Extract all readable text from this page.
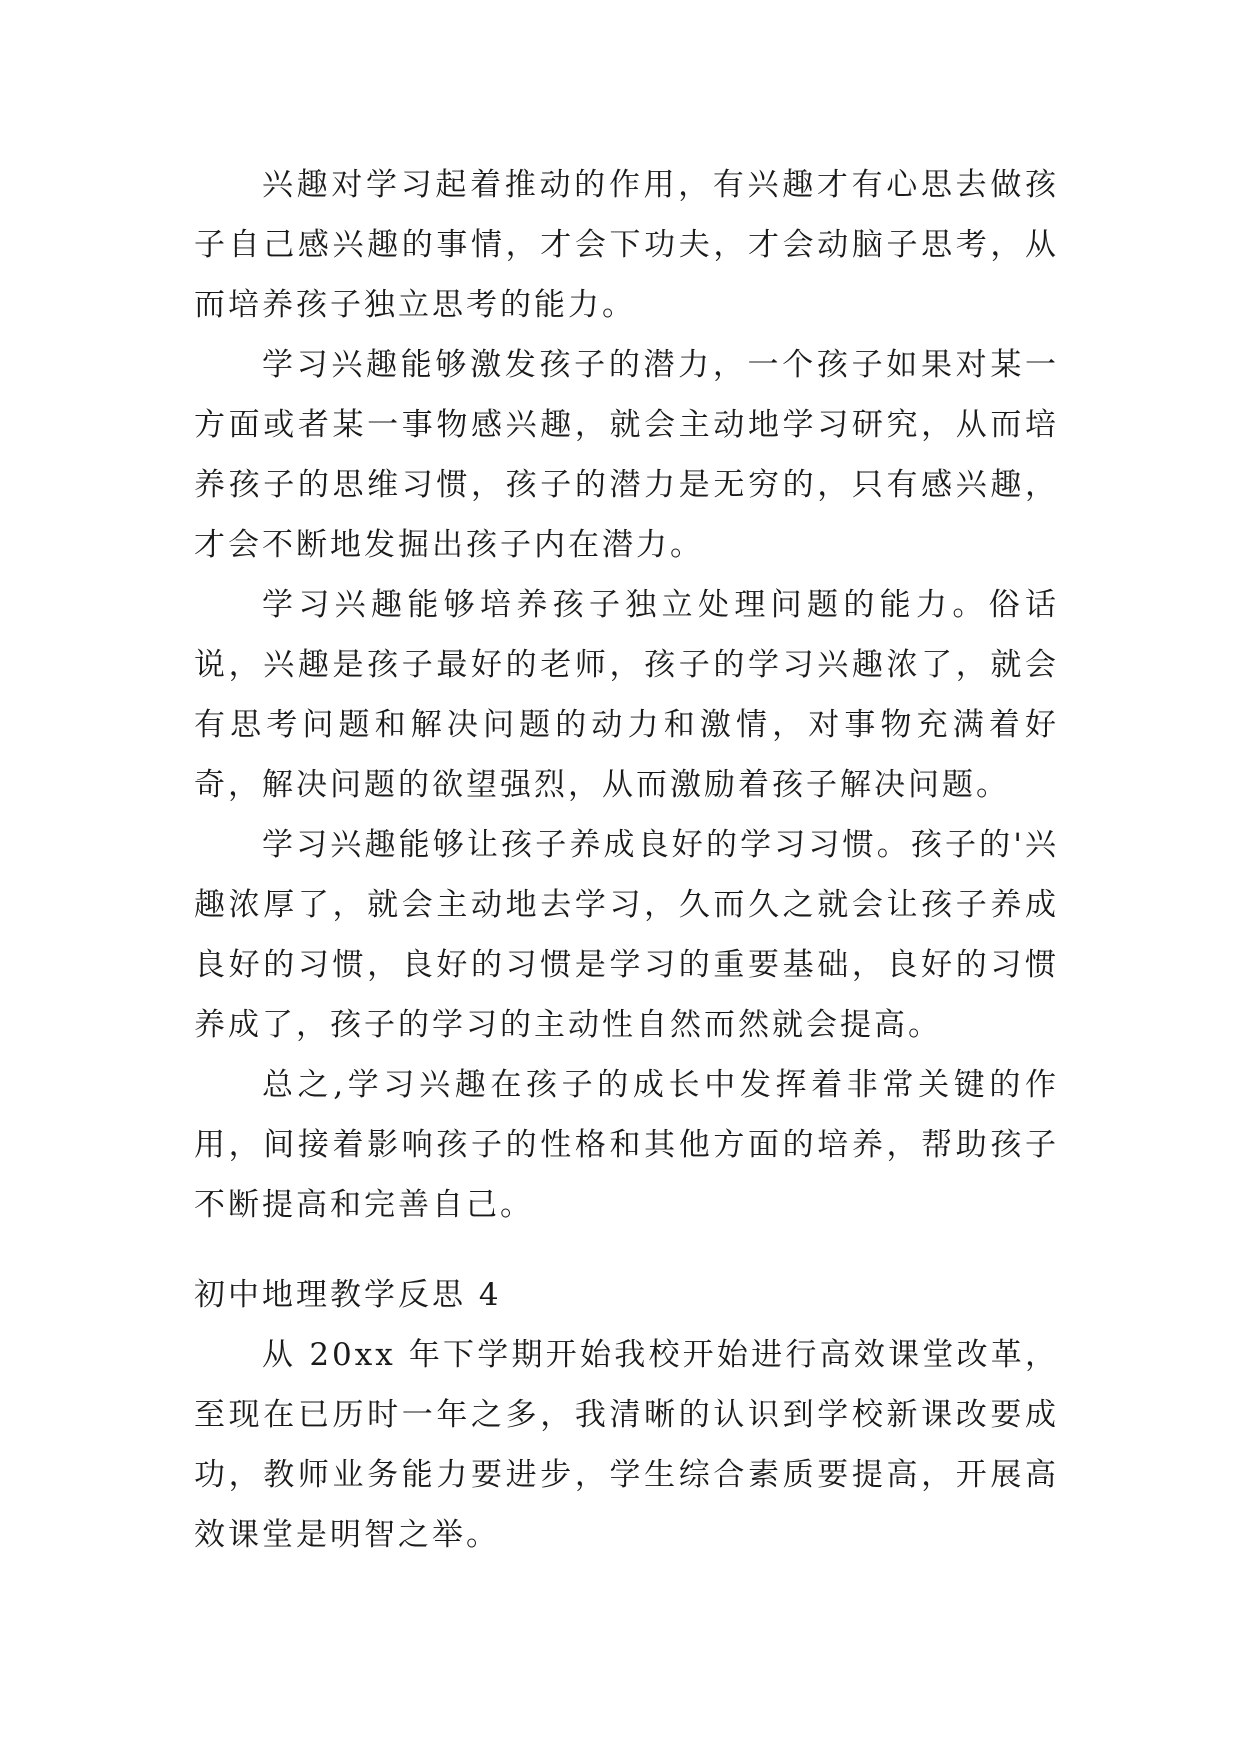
兴趣对学习起着推动的作用，有兴趣才有心思去做孩子自己感兴趣的事情，才会下功夫，才会动脑子思考，从而培养孩子独立思考的能力。

学习兴趣能够激发孩子的潜力，一个孩子如果对某一方面或者某一事物感兴趣，就会主动地学习研究，从而培养孩子的思维习惯，孩子的潜力是无穷的，只有感兴趣，才会不断地发掘出孩子内在潜力。

学习兴趣能够培养孩子独立处理问题的能力。俗话说，兴趣是孩子最好的老师，孩子的学习兴趣浓了，就会有思考问题和解决问题的动力和激情，对事物充满着好奇，解决问题的欲望强烈，从而激励着孩子解决问题。

学习兴趣能够让孩子养成良好的学习习惯。孩子的'兴趣浓厚了，就会主动地去学习，久而久之就会让孩子养成良好的习惯，良好的习惯是学习的重要基础，良好的习惯养成了，孩子的学习的主动性自然而然就会提高。

总之,学习兴趣在孩子的成长中发挥着非常关键的作用，间接着影响孩子的性格和其他方面的培养，帮助孩子不断提高和完善自己。

初中地理教学反思 4

从 20xx 年下学期开始我校开始进行高效课堂改革，至现在已历时一年之多，我清晰的认识到学校新课改要成功，教师业务能力要进步，学生综合素质要提高，开展高效课堂是明智之举。
